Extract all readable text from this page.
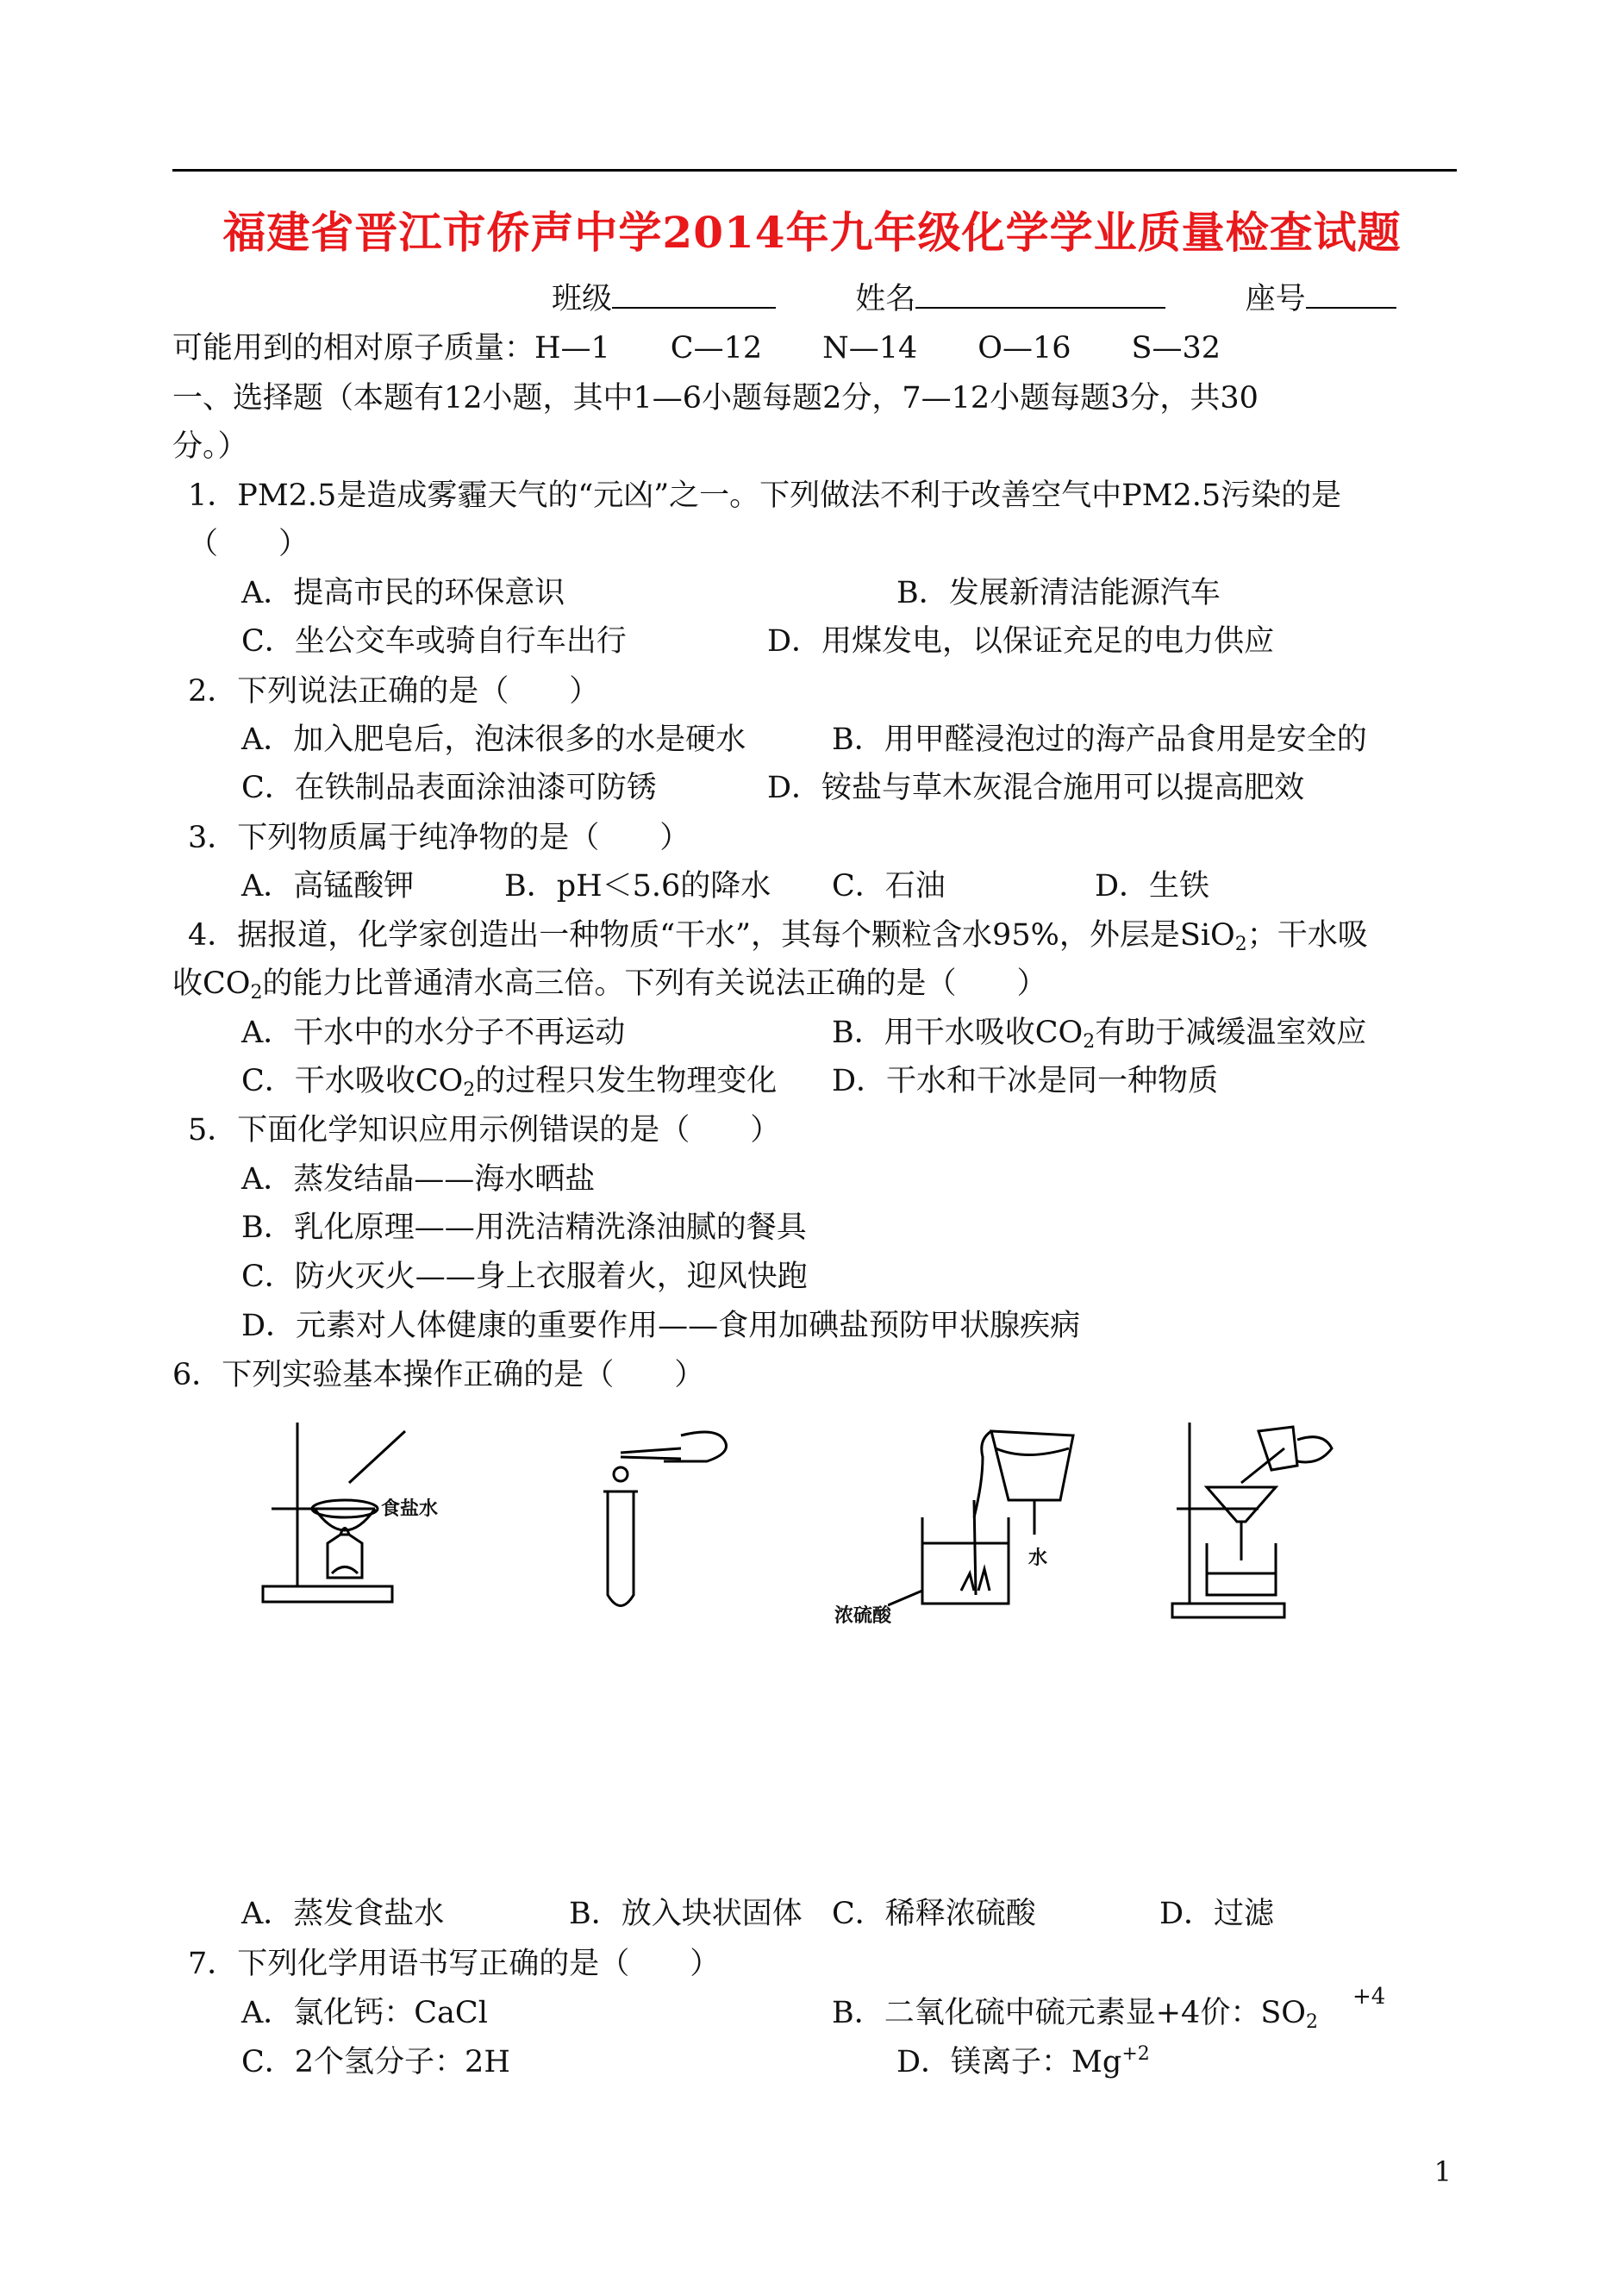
福建省晋江市侨声中学2014年九年级化学学业质量检查试题
班级	姓名	座号
可能用到的相对原子质量：H—1　　C—12　　N—14　　O—16　　S—32
一、选择题（本题有12小题，其中1—6小题每题2分，7—12小题每题3分，共30
分。）
1．PM2.5是造成雾霾天气的“元凶”之一。下列做法不利于改善空气中PM2.5污染的是
（　　）
A．提高市民的环保意识	B．发展新清洁能源汽车
C．坐公交车或骑自行车出行	D．用煤发电，以保证充足的电力供应
2．下列说法正确的是（　　）
A．加入肥皂后，泡沫很多的水是硬水	B．用甲醛浸泡过的海产品食用是安全的
C．在铁制品表面涂油漆可防锈	D．铵盐与草木灰混合施用可以提高肥效
3．下列物质属于纯净物的是（　　）
A．高锰酸钾	B．pH＜5.6的降水 C．石油	D．生铁
4．据报道，化学家创造出一种物质“干水”，其每个颗粒含水95%，外层是SiO$_2$；干水吸
收$CO_2$的能力比普通清水高三倍。下列有关说法正确的是（　　）
A．干水中的水分子不再运动	B．用干水吸收$CO_2$有助于减缓温室效应
C．干水吸收$CO_2$的过程只发生物理变化 D．干水和干冰是同一种物质
5．下面化学知识应用示例错误的是（　　）
A．蒸发结晶——海水晒盐
B．乳化原理——用洗洁精洗涤油腻的餐具
C．防火灭火——身上衣服着火，迎风快跑
D．元素对人体健康的重要作用——食用加碘盐预防甲状腺疾病
6．下列实验基本操作正确的是（　　）
食盐水
水
浓硫酸
A．蒸发食盐水	B．放入块状固体 C．稀释浓硫酸	D．过滤
7．下列化学用语书写正确的是（　　）
A．氯化钙：CaCl	B．二氧化硫中硫元素显+4价：$SO_2^{+4}$
C．2个氢分子：2H	D．镁离子：$Mg^{+2}$
1
